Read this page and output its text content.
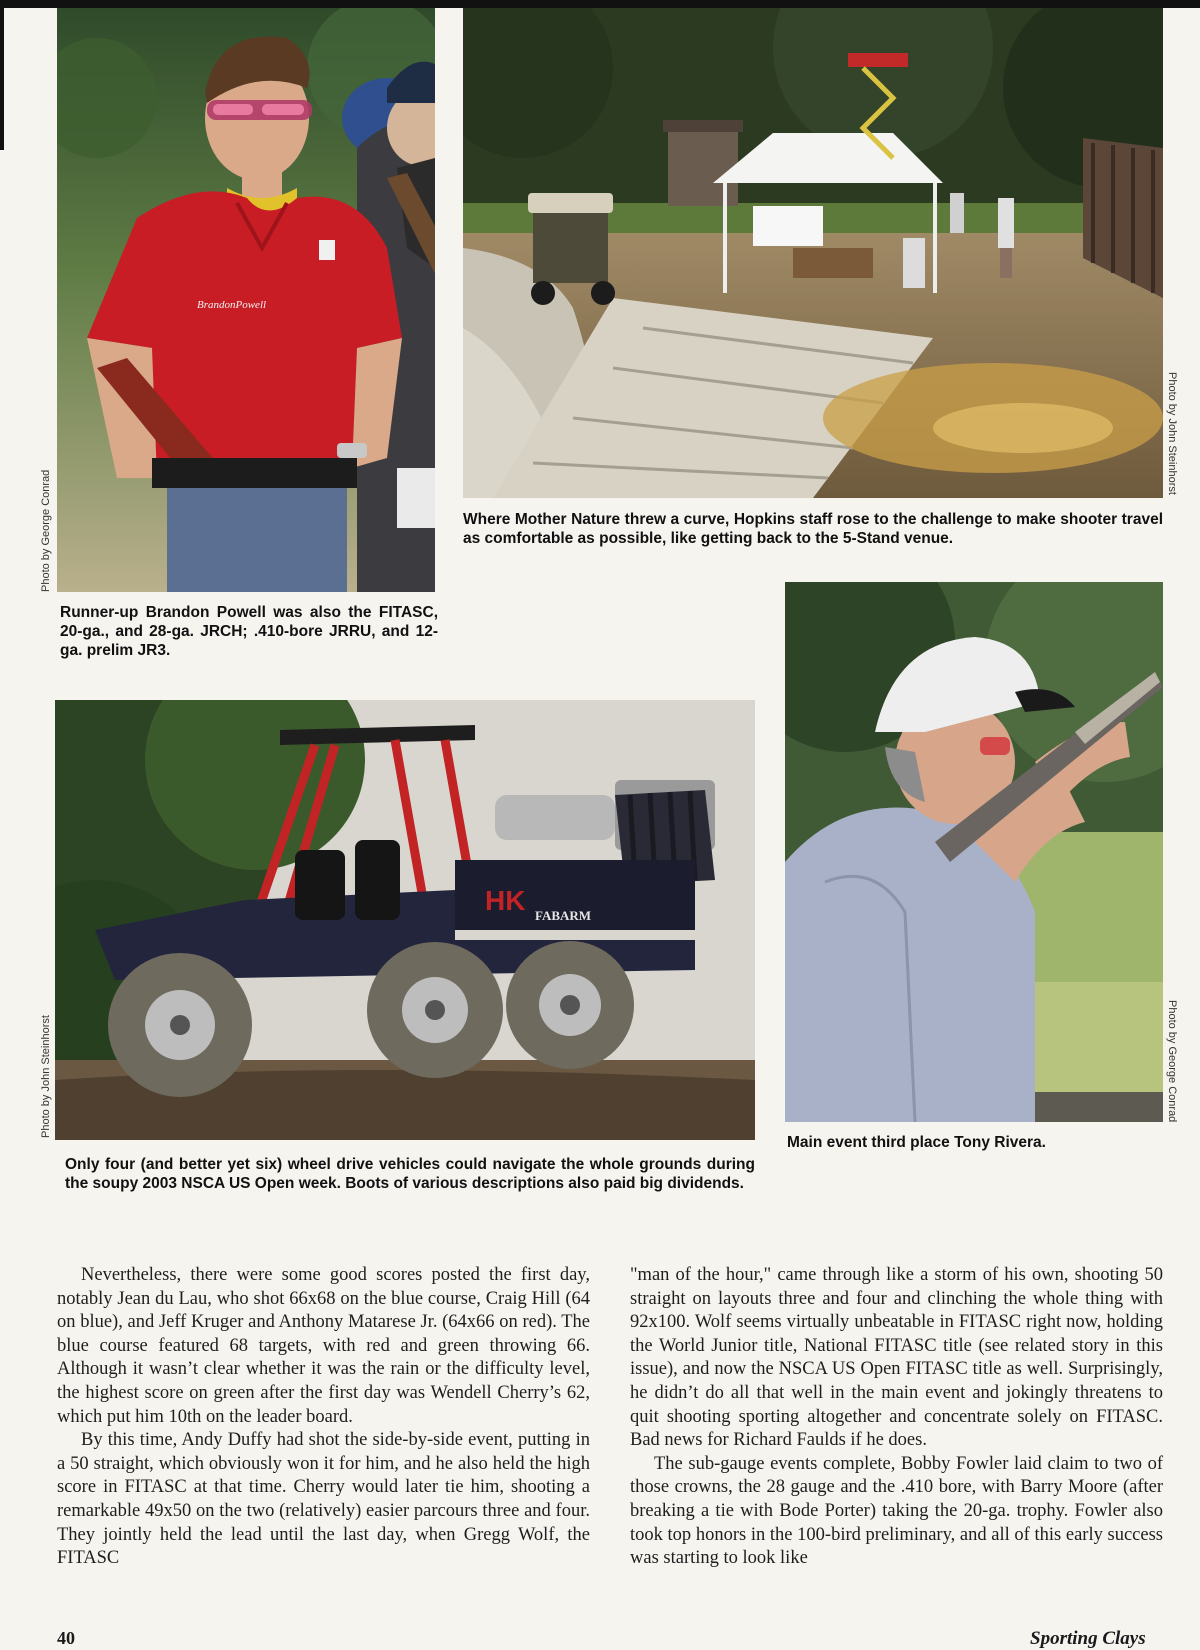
BrandonPowell
Photo by George Conrad
Runner-up Brandon Powell was also the FITASC, 20-ga., and 28-ga. JRCH; .410-bore JRRU, and 12-ga. prelim JR3.
Photo by John Steinhorst
Where Mother Nature threw a curve, Hopkins staff rose to the challenge to make shooter travel as comfortable as possible, like getting back to the 5-Stand venue.
HK FABARM
Photo by John Steinhorst
Only four (and better yet six) wheel drive vehicles could navigate the whole grounds during the soupy 2003 NSCA US Open week. Boots of various descriptions also paid big dividends.
Photo by George Conrad
Main event third place Tony Rivera.

Nevertheless, there were some good scores posted the first day, notably Jean du Lau, who shot 66x68 on the blue course, Craig Hill (64 on blue), and Jeff Kruger and Anthony Matarese Jr. (64x66 on red). The blue course featured 68 targets, with red and green throwing 66. Although it wasn’t clear whether it was the rain or the difficulty level, the highest score on green after the first day was Wendell Cherry’s 62, which put him 10th on the leader board.

By this time, Andy Duffy had shot the side-by-side event, putting in a 50 straight, which obviously won it for him, and he also held the high score in FITASC at that time. Cherry would later tie him, shooting a remarkable 49x50 on the two (relatively) easier parcours three and four. They jointly held the lead until the last day, when Gregg Wolf, the FITASC

"man of the hour," came through like a storm of his own, shooting 50 straight on layouts three and four and clinching the whole thing with 92x100. Wolf seems virtually unbeatable in FITASC right now, holding the World Junior title, National FITASC title (see related story in this issue), and now the NSCA US Open FITASC title as well. Surprisingly, he didn’t do all that well in the main event and jokingly threatens to quit shooting sporting altogether and concentrate solely on FITASC. Bad news for Richard Faulds if he does.

The sub-gauge events complete, Bobby Fowler laid claim to two of those crowns, the 28 gauge and the .410 bore, with Barry Moore (after breaking a tie with Bode Porter) taking the 20-ga. trophy. Fowler also took top honors in the 100-bird preliminary, and all of this early success was starting to look like

40	Sporting Clays
